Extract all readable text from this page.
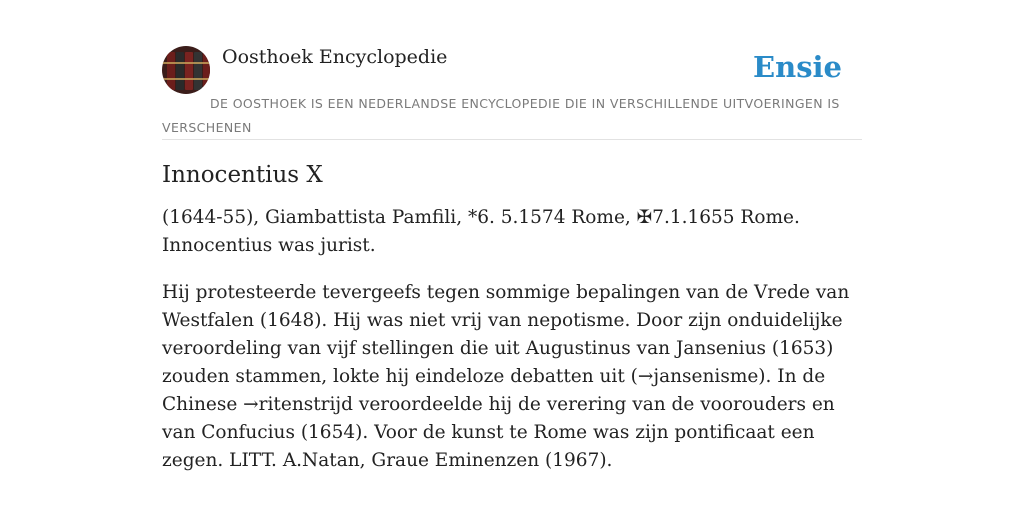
Oosthoek Encyclopedie	Ensie
DE OOSTHOEK IS EEN NEDERLANDSE ENCYCLOPEDIE DIE IN VERSCHILLENDE UITVOERINGEN IS VERSCHENEN
Innocentius X

(1644-55), Giambattista Pamfili, *6. 5.1574 Rome, ✠7.1.1655 Rome. Innocentius was jurist.

Hij protesteerde tevergeefs tegen sommige bepalingen van de Vrede van Westfalen (1648). Hij was niet vrij van nepotisme. Door zijn onduidelijke veroordeling van vijf stellingen die uit Augustinus van Jansenius (1653) zouden stammen, lokte hij eindeloze debatten uit (→jansenisme). In de Chinese →ritenstrijd veroordeelde hij de verering van de voorouders en van Confucius (1654). Voor de kunst te Rome was zijn pontificaat een zegen. LITT. A.Natan, Graue Eminenzen (1967).
